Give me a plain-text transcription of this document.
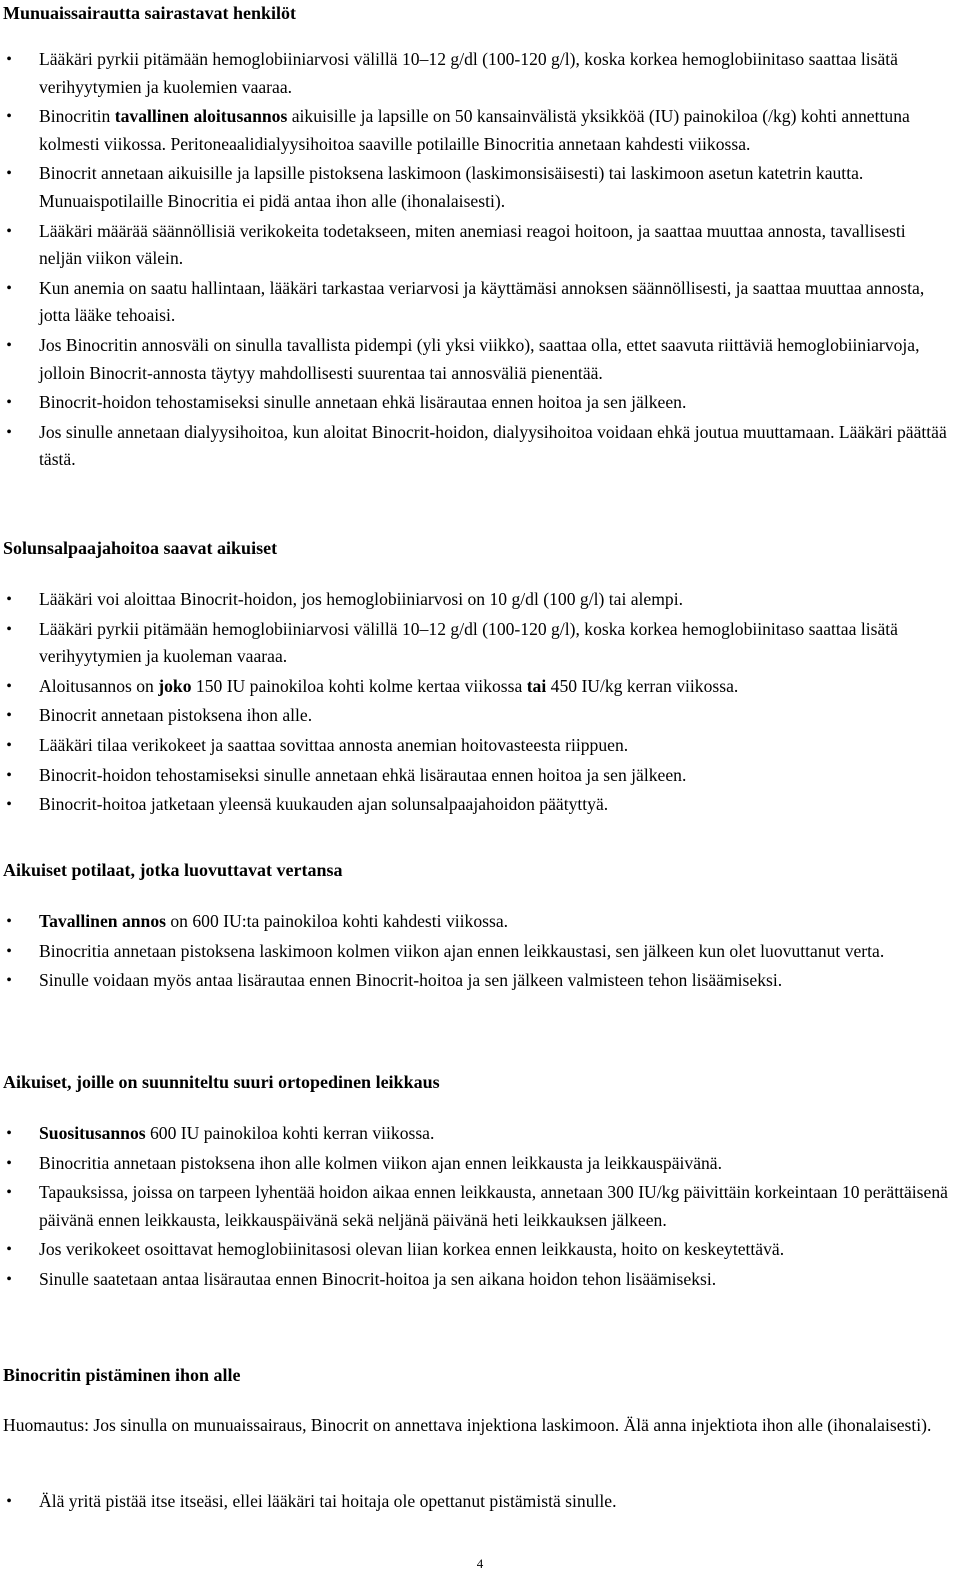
Munuaissairautta sairastavat henkilöt
• Lääkäri pyrkii pitämään hemoglobiiniarvosi välillä 10–12 g/dl (100-120 g/l), koska korkea hemoglobiinitaso saattaa lisätä verihyytymien ja kuolemien vaaraa.
• Binocritin tavallinen aloitusannos aikuisille ja lapsille on 50 kansainvälistä yksikköä (IU) painokiloa (/kg) kohti annettuna kolmesti viikossa. Peritoneaalidialyysihoitoa saaville potilaille Binocritia annetaan kahdesti viikossa.
• Binocrit annetaan aikuisille ja lapsille pistoksena laskimoon (laskimonsisäisesti) tai laskimoon asetun katetrin kautta. Munuaispotilaille Binocritia ei pidä antaa ihon alle (ihonalaisesti).
• Lääkäri määrää säännöllisiä verikokeita todetakseen, miten anemiasi reagoi hoitoon, ja saattaa muuttaa annosta, tavallisesti neljän viikon välein.
• Kun anemia on saatu hallintaan, lääkäri tarkastaa veriarvosi ja käyttämäsi annoksen säännöllisesti, ja saattaa muuttaa annosta, jotta lääke tehoaisi.
• Jos Binocritin annosväli on sinulla tavallista pidempi (yli yksi viikko), saattaa olla, ettet saavuta riittäviä hemoglobiiniarvoja, jolloin Binocrit-annosta täytyy mahdollisesti suurentaa tai annosväliä pienentää.
• Binocrit-hoidon tehostamiseksi sinulle annetaan ehkä lisärautaa ennen hoitoa ja sen jälkeen.
• Jos sinulle annetaan dialyysihoitoa, kun aloitat Binocrit-hoidon, dialyysihoitoa voidaan ehkä joutua muuttamaan. Lääkäri päättää tästä.
Solunsalpaajahoitoa saavat aikuiset
• Lääkäri voi aloittaa Binocrit-hoidon, jos hemoglobiiniarvosi on 10 g/dl (100 g/l) tai alempi.
• Lääkäri pyrkii pitämään hemoglobiiniarvosi välillä 10–12 g/dl (100-120 g/l), koska korkea hemoglobiinitaso saattaa lisätä verihyytymien ja kuoleman vaaraa.
• Aloitusannos on joko 150 IU painokiloa kohti kolme kertaa viikossa tai 450 IU/kg kerran viikossa.
• Binocrit annetaan pistoksena ihon alle.
• Lääkäri tilaa verikokeet ja saattaa sovittaa annosta anemian hoitovasteesta riippuen.
• Binocrit-hoidon tehostamiseksi sinulle annetaan ehkä lisärautaa ennen hoitoa ja sen jälkeen.
• Binocrit-hoitoa jatketaan yleensä kuukauden ajan solunsalpaajahoidon päätyttyä.
Aikuiset potilaat, jotka luovuttavat vertansa
• Tavallinen annos on 600 IU:ta painokiloa kohti kahdesti viikossa.
• Binocritia annetaan pistoksena laskimoon kolmen viikon ajan ennen leikkaustasi, sen jälkeen kun olet luovuttanut verta.
• Sinulle voidaan myös antaa lisärautaa ennen Binocrit-hoitoa ja sen jälkeen valmisteen tehon lisäämiseksi.
Aikuiset, joille on suunniteltu suuri ortopedinen leikkaus
• Suositusannos 600 IU painokiloa kohti kerran viikossa.
• Binocritia annetaan pistoksena ihon alle kolmen viikon ajan ennen leikkausta ja leikkauspäivänä.
• Tapauksissa, joissa on tarpeen lyhentää hoidon aikaa ennen leikkausta, annetaan 300 IU/kg päivittäin korkeintaan 10 perättäisenä päivänä ennen leikkausta, leikkauspäivänä sekä neljänä päivänä heti leikkauksen jälkeen.
• Jos verikokeet osoittavat hemoglobiinitasosi olevan liian korkea ennen leikkausta, hoito on keskeytettävä.
• Sinulle saatetaan antaa lisärautaa ennen Binocrit-hoitoa ja sen aikana hoidon tehon lisäämiseksi.
Binocritin pistäminen ihon alle

Huomautus: Jos sinulla on munuaissairaus, Binocrit on annettava injektiona laskimoon. Älä anna injektiota ihon alle (ihonalaisesti).

• Älä yritä pistää itse itseäsi, ellei lääkäri tai hoitaja ole opettanut pistämistä sinulle.
4
